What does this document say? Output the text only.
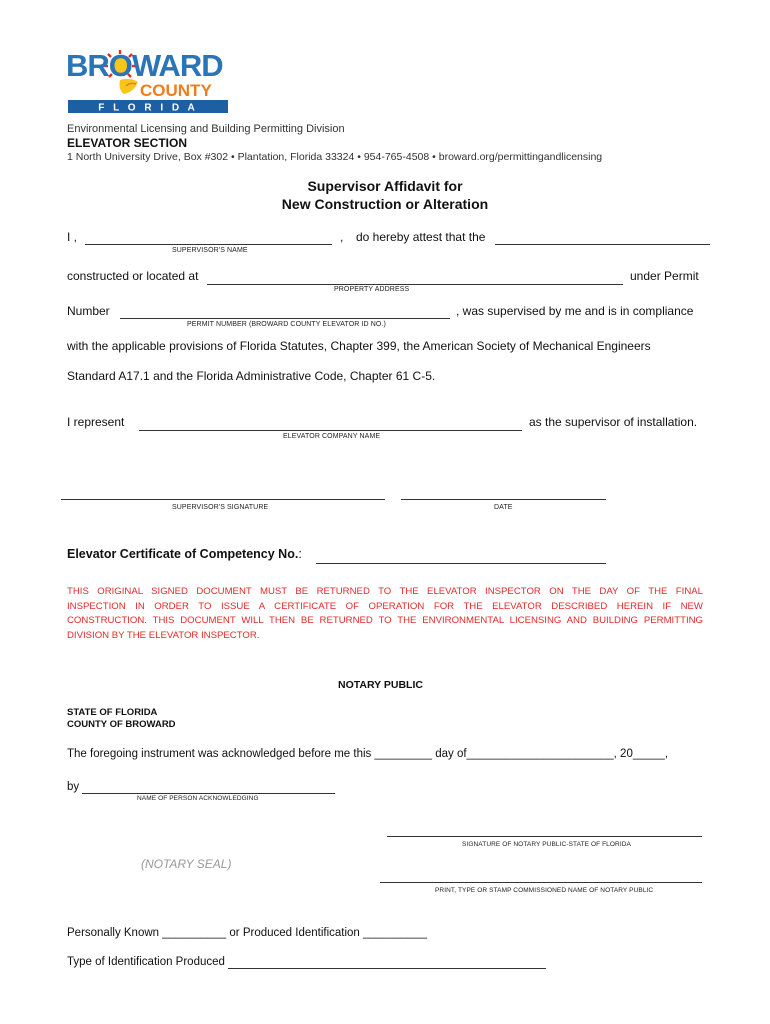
BROWARD
COUNTY
F L O R I D A
Environmental Licensing and Building Permitting Division
ELEVATOR SECTION
1 North University Drive, Box #302 • Plantation, Florida 33324 • 954-765-4508 • broward.org/permittingandlicensing
Supervisor Affidavit for
New Construction or Alteration
I ,	, do hereby attest that the
SUPERVISOR'S NAME
constructed or located at	under Permit
PROPERTY ADDRESS
Number	, was supervised by me and is in compliance
PERMIT NUMBER (BROWARD COUNTY ELEVATOR ID NO.)
with the applicable provisions of Florida Statutes, Chapter 399, the American Society of Mechanical Engineers
Standard A17.1 and the Florida Administrative Code, Chapter 61 C-5.
I represent	as the supervisor of installation.
ELEVATOR COMPANY NAME
SUPERVISOR'S SIGNATURE	DATE
Elevator Certificate of Competency No.:
THIS ORIGINAL SIGNED DOCUMENT MUST BE RETURNED TO THE ELEVATOR INSPECTOR ON THE DAY OF THE FINAL
INSPECTION IN ORDER TO ISSUE A CERTIFICATE OF OPERATION FOR THE ELEVATOR DESCRIBED HEREIN IF NEW
CONSTRUCTION. THIS DOCUMENT WILL THEN BE RETURNED TO THE ENVIRONMENTAL LICENSING AND BUILDING PERMITTING
DIVISION BY THE ELEVATOR INSPECTOR.
NOTARY PUBLIC
STATE OF FLORIDA
COUNTY OF BROWARD
The foregoing instrument was acknowledged before me this _________ day of_______________________, 20_____,
by
NAME OF PERSON ACKNOWLEDGING
SIGNATURE OF NOTARY PUBLIC-STATE OF FLORIDA
(NOTARY SEAL)
PRINT, TYPE OR STAMP COMMISSIONED NAME OF NOTARY PUBLIC
Personally Known __________ or Produced Identification __________
Type of Identification Produced
